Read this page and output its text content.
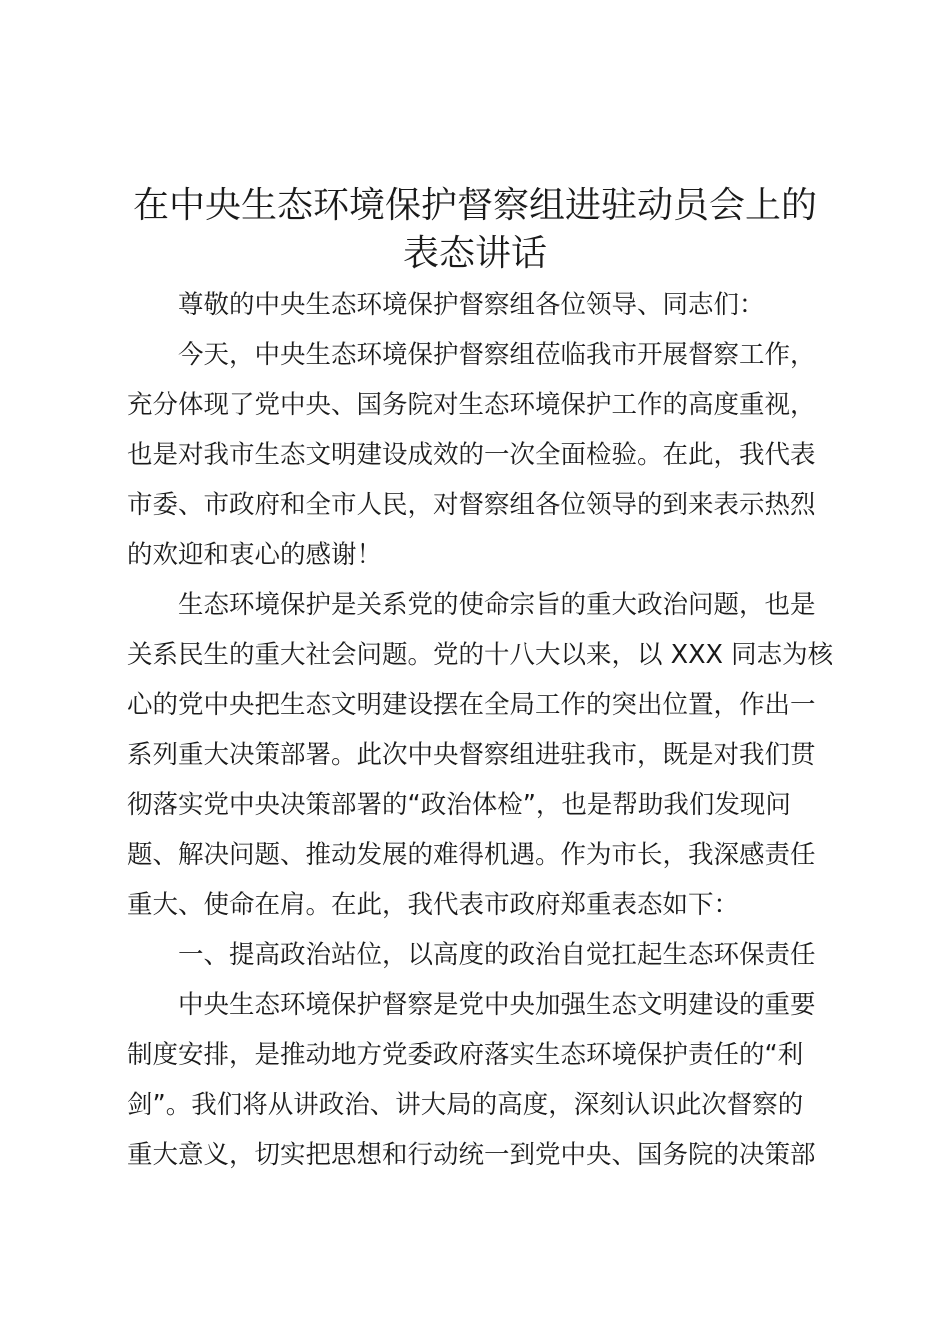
在中央生态环境保护督察组进驻动员会上的表态讲话
尊敬的中央生态环境保护督察组各位领导、同志们：
今天，中央生态环境保护督察组莅临我市开展督察工作，
充分体现了党中央、国务院对生态环境保护工作的高度重视，
也是对我市生态文明建设成效的一次全面检验。在此，我代表
市委、市政府和全市人民，对督察组各位领导的到来表示热烈
的欢迎和衷心的感谢！
生态环境保护是关系党的使命宗旨的重大政治问题，也是
关系民生的重大社会问题。党的十八大以来，以 XXX 同志为核
心的党中央把生态文明建设摆在全局工作的突出位置，作出一
系列重大决策部署。此次中央督察组进驻我市，既是对我们贯
彻落实党中央决策部署的“政治体检”，也是帮助我们发现问
题、解决问题、推动发展的难得机遇。作为市长，我深感责任
重大、使命在肩。在此，我代表市政府郑重表态如下：
一、提高政治站位，以高度的政治自觉扛起生态环保责任
中央生态环境保护督察是党中央加强生态文明建设的重要
制度安排，是推动地方党委政府落实生态环境保护责任的“利
剑”。我们将从讲政治、讲大局的高度，深刻认识此次督察的
重大意义，切实把思想和行动统一到党中央、国务院的决策部
